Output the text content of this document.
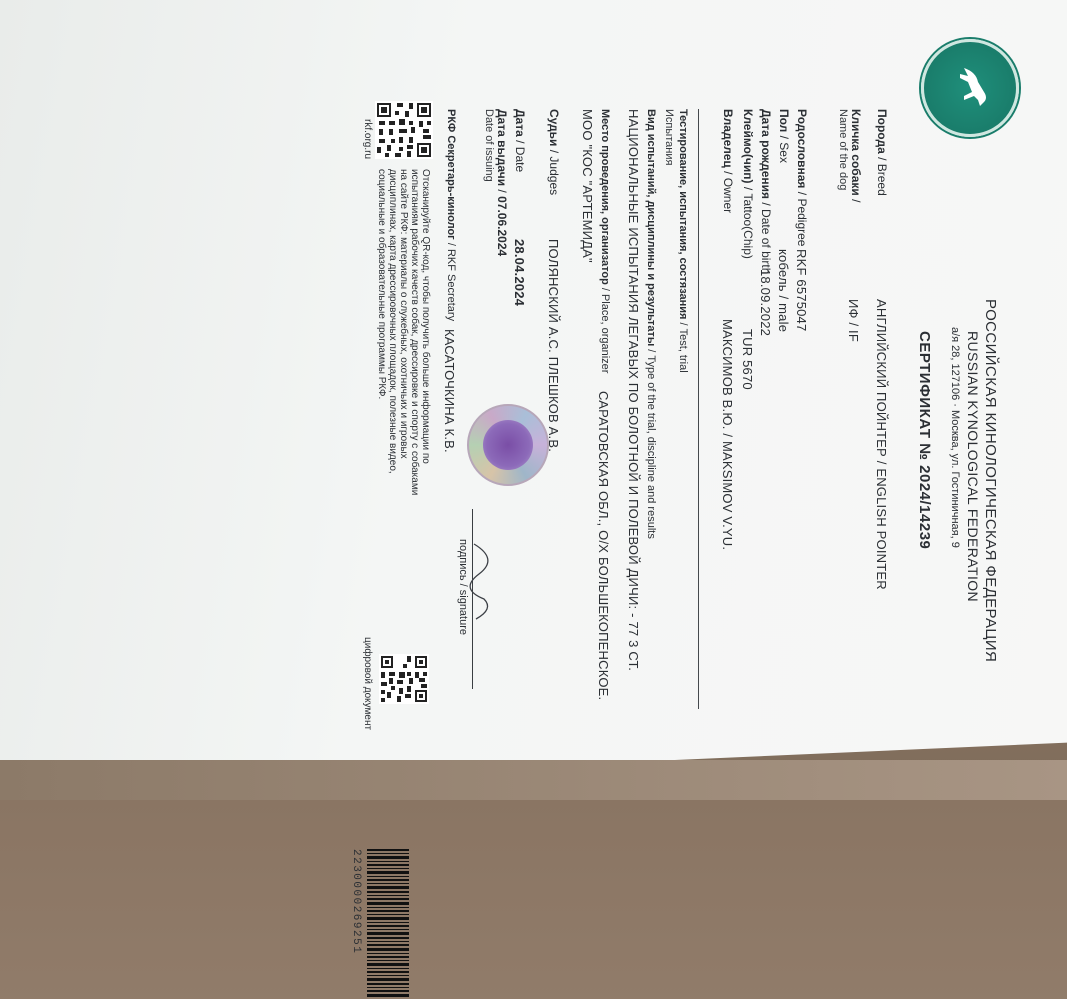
РОССИЙСКАЯ КИНОЛОГИЧЕСКАЯ ФЕДЕРАЦИЯ
RUSSIAN KYNOLOGICAL FEDERATION
а/я 28, 127106 · Москва, ул. Гостиничная, 9
СЕРТИФИКАТ № 2024/14239
Порода / Breed
АНГЛИЙСКИЙ ПОЙНТЕР / ENGLISH POINTER
Кличка собаки /
Name of the dog
ИФ / IF
Родословная / Pedigree
RKF 6575047
Пол / Sex
кобель / male
Дата рождения / Date of birth
18.09.2022
Клеймо(чип) / Tattoo(Chip)
TUR 5670
Владелец / Owner
МАКСИМОВ В.Ю. / MAKSIMOV V.YU.
Тестирование, испытания, состязания / Test, trial
Испытания
Вид испытаний, дисциплины и результаты / Type of the trial, discipline and results
НАЦИОНАЛЬНЫЕ ИСПЫТАНИЯ ЛЕГАВЫХ ПО БОЛОТНОЙ И ПОЛЕВОЙ ДИЧИ: - 77 3 СТ.
Место проведения, организатор / Place, organizer
САРАТОВСКАЯ ОБЛ., О/Х БОЛЬШЕКОПЕНСКОЕ.
МОО "КОС "АРТЕМИДА"
Судьи / Judges
ПОЛЯНСКИЙ А.С. ПЛЕШКОВ А.В.
Дата / Date
28.04.2024
Дата выдачи / 07.06.2024
Date of issuing
подпись / signature
РКФ Секретарь-кинолог / RKF Secretary
КАСАТОЧКИНА К.В.
rkf.org.ru
Отсканируйте QR-код, чтобы получить больше информации по
испытаниям рабочих качеств собак, дрессировке и спорту с собаками
на сайте РКФ: материалы о служебных, охотничьих и игровых
дисциплинах, карта дрессировочных площадок, полезные видео,
социальные и образовательные программы РКФ.
цифровой документ
2230000269251
